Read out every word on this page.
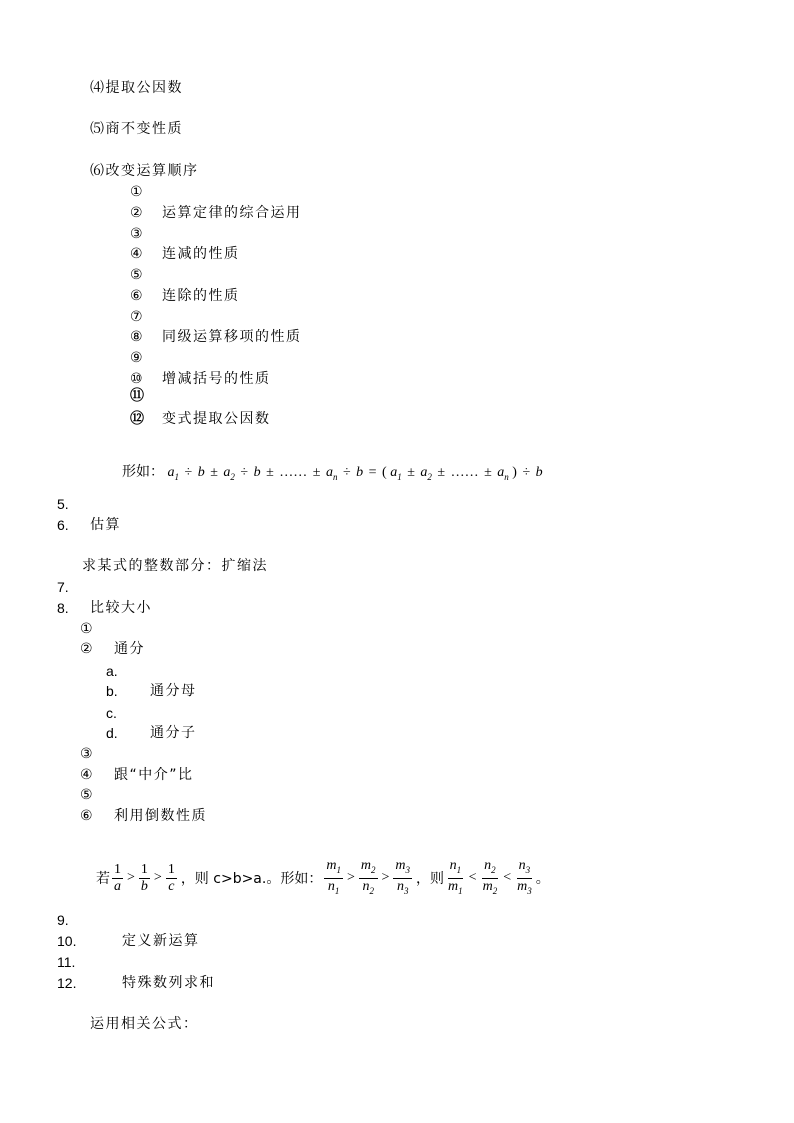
⑷提取公因数
⑸商不变性质
⑹改变运算顺序
①
② 运算定律的综合运用
③
④ 连减的性质
⑤
⑥ 连除的性质
⑦
⑧ 同级运算移项的性质
⑨
⑩ 增减括号的性质
⑪
⑫ 变式提取公因数
形如： $a_1 \div b \pm a_2 \div b$ ± …… ± $a_n \div b$ = ( $a_1 \pm a_2$ ± …… ± $a_n$ ) ÷ b
5.
6. 估算
求某式的整数部分：扩缩法
7.
8. 比较大小
①
② 通分
a.
b. 通分母
c.
d. 通分子
③
④ 跟“中介”比
⑤
⑥ 利用倒数性质
若 $\frac{1}{a} > \frac{1}{b} > \frac{1}{c}$ ，则 c>b>a.。形如： $\frac{m_1}{n_1} > \frac{m_2}{n_2} > \frac{m_3}{n_3}$ ，则 $\frac{n_1}{m_1} < \frac{n_2}{m_2} < \frac{n_3}{m_3}$ 。
9.
10.	定义新运算
11.
12.	特殊数列求和
运用相关公式：
